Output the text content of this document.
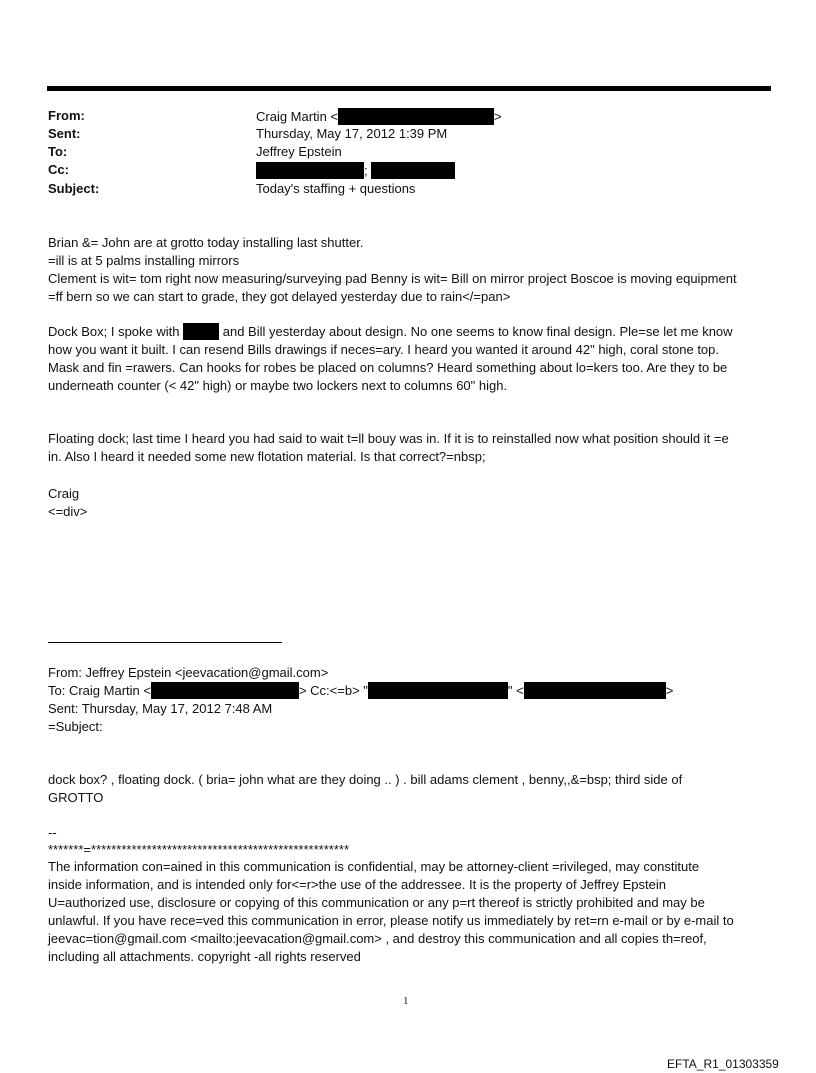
From:	Craig Martin <	>
Sent:	Thursday, May 17, 2012 1:39 PM
To:	Jeffrey Epstein
Cc:	;
Subject:	Today's staffing + questions
Brian &= John are at grotto today installing last shutter.
=ill is at 5 palms installing mirrors
Clement is wit= tom right now measuring/surveying pad Benny is wit= Bill on mirror project Boscoe is moving equipment
=ff bern so we can start to grade, they got delayed yesterday due to rain</=pan>
Dock Box; I spoke with	and Bill yesterday about design. No one seems to know final design. Ple=se let me know
how you want it built. I can resend Bills drawings if neces=ary. I heard you wanted it around 42" high, coral stone top.
Mask and fin =rawers. Can hooks for robes be placed on columns? Heard something about lo=kers too. Are they to be
underneath counter (< 42" high) or maybe two lockers next to columns 60" high.
Floating dock; last time I heard you had said to wait t=ll bouy was in. If it is to reinstalled now what position should it =e
in. Also I heard it needed some new flotation material. Is that correct?=nbsp;
Craig
<=div>
From: Jeffrey Epstein <jeevacation@gmail.com>
To: Craig Martin <	> Cc:<=b> "	" <	>
Sent: Thursday, May 17, 2012 7:48 AM
=Subject:
dock box? , floating dock. ( bria= john what are they doing .. ) . bill adams clement , benny,,&=bsp; third side of
GROTTO
--
*******=***************************************************
The information con=ained in this communication is confidential, may be attorney-client =rivileged, may constitute
inside information, and is intended only for<=r>the use of the addressee. It is the property of Jeffrey Epstein
U=authorized use, disclosure or copying of this communication or any p=rt thereof is strictly prohibited and may be
unlawful. If you have rece=ved this communication in error, please notify us immediately by ret=rn e-mail or by e-mail to
jeevac=tion@gmail.com <mailto:jeevacation@gmail.com> , and destroy this communication and all copies th=reof,
including all attachments. copyright -all rights reserved
1
EFTA_R1_01303359
